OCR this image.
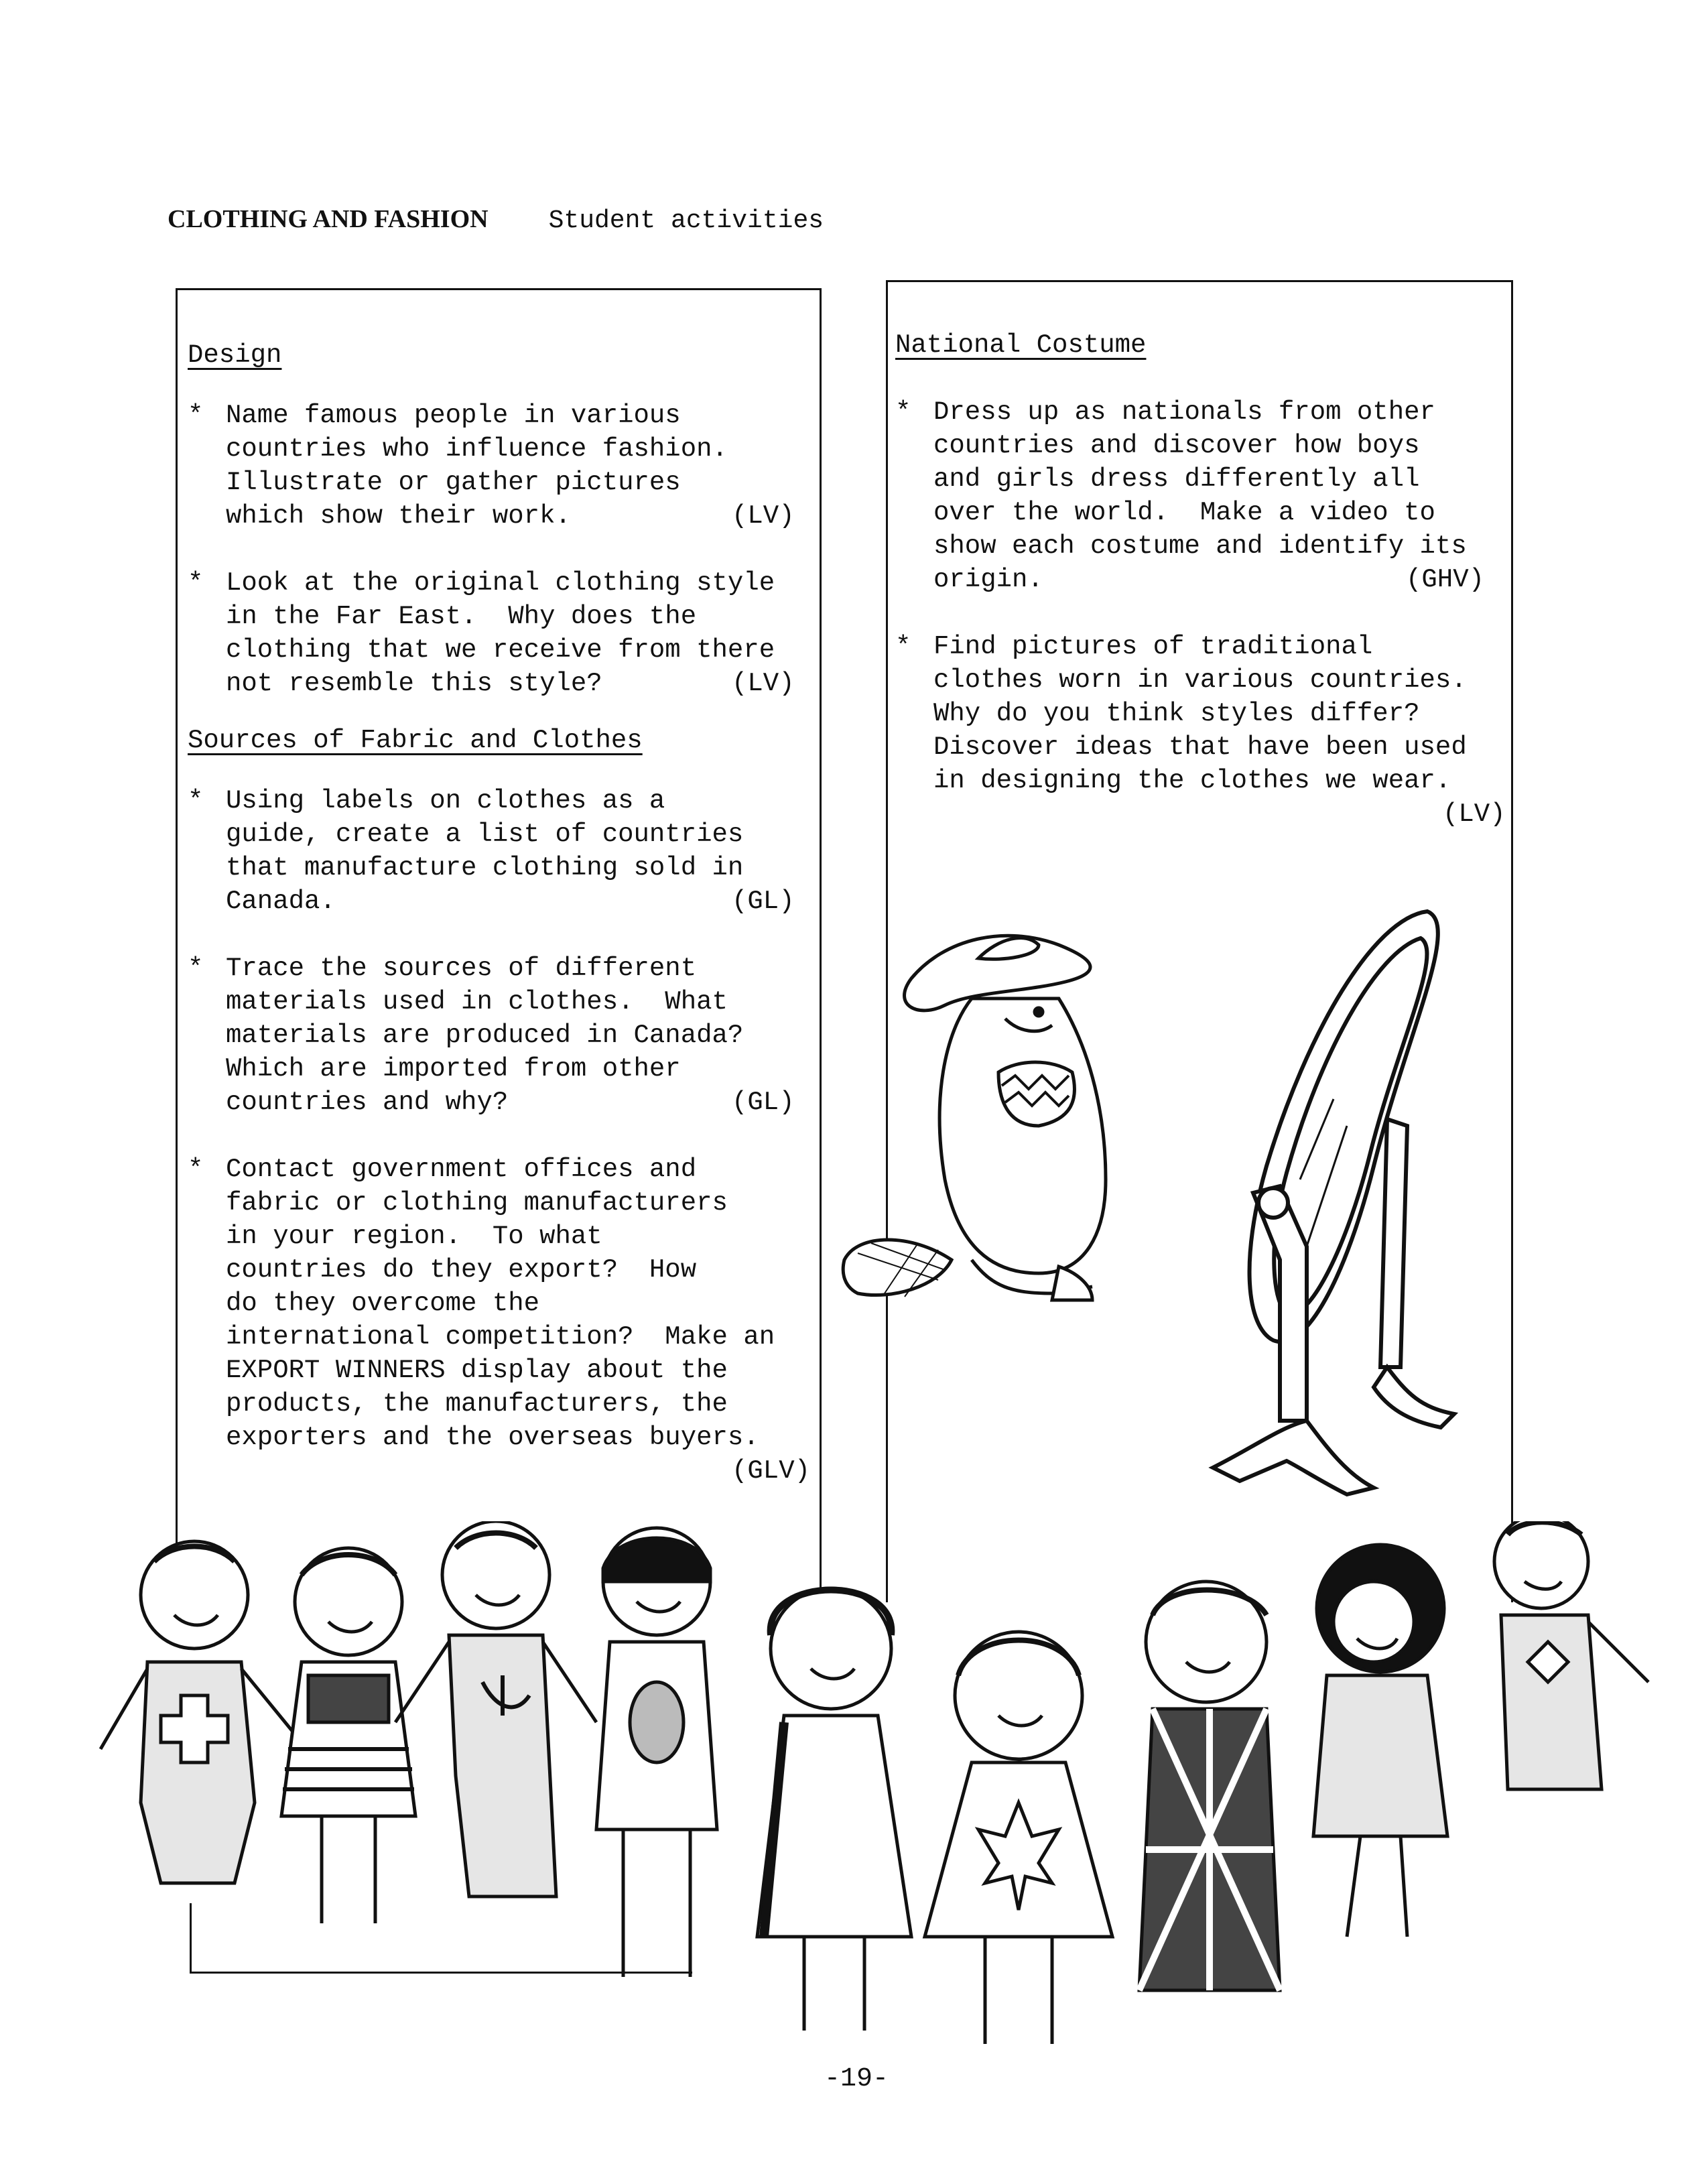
CLOTHING AND FASHION Student activities
Design
* Name famous people in various

countries who influence fashion.

Illustrate or gather pictures

which show their work.	(LV)

* Look at the original clothing style

in the Far East.  Why does the

clothing that we receive from there

not resemble this style?	(LV)

Sources of Fabric and Clothes
* Using labels on clothes as a

guide, create a list of countries

that manufacture clothing sold in

Canada.	(GL)

* Trace the sources of different

materials used in clothes.  What

materials are produced in Canada?

Which are imported from other

countries and why?	(GL)

* Contact government offices and

fabric or clothing manufacturers

in your region.  To what

countries do they export?  How

do they overcome the

international competition?  Make an

EXPORT WINNERS display about the

products, the manufacturers, the

exporters and the overseas buyers.

(GLV)

National Costume
* Dress up as nationals from other

countries and discover how boys

and girls dress differently all

over the world.  Make a video to

show each costume and identify its

origin.	(GHV)

* Find pictures of traditional

clothes worn in various countries.

Why do you think styles differ?

Discover ideas that have been used

in designing the clothes we wear.

(LV)

-19-
